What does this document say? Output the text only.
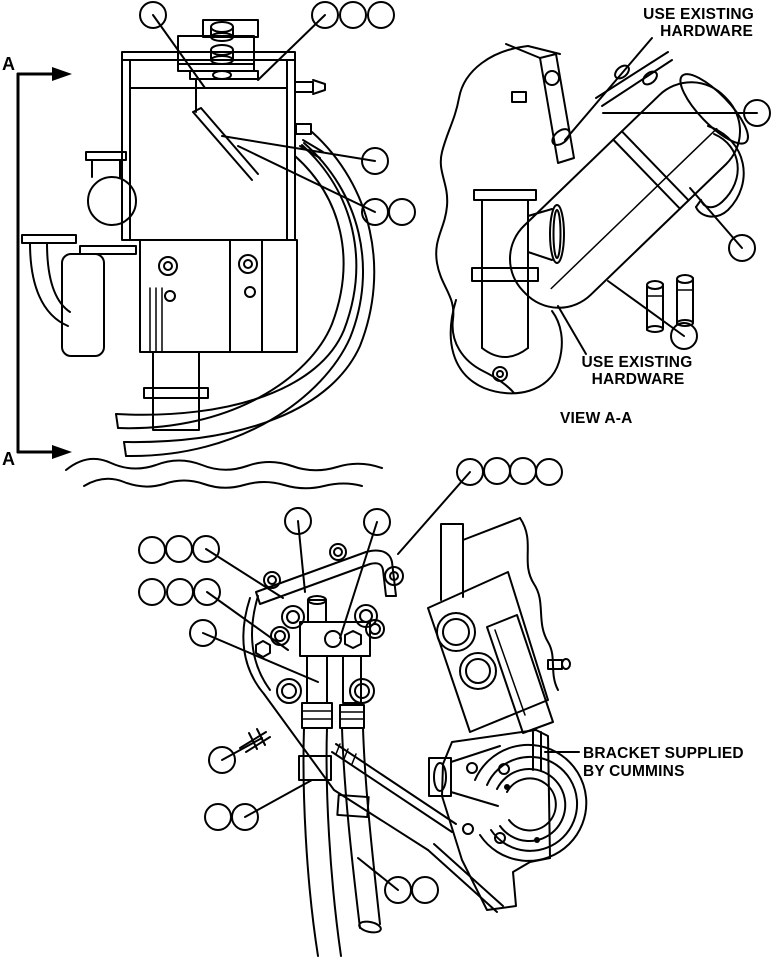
A
A
USE EXISTING
HARDWARE
USE EXISTING
HARDWARE
VIEW A-A
BRACKET SUPPLIED
BY CUMMINS
